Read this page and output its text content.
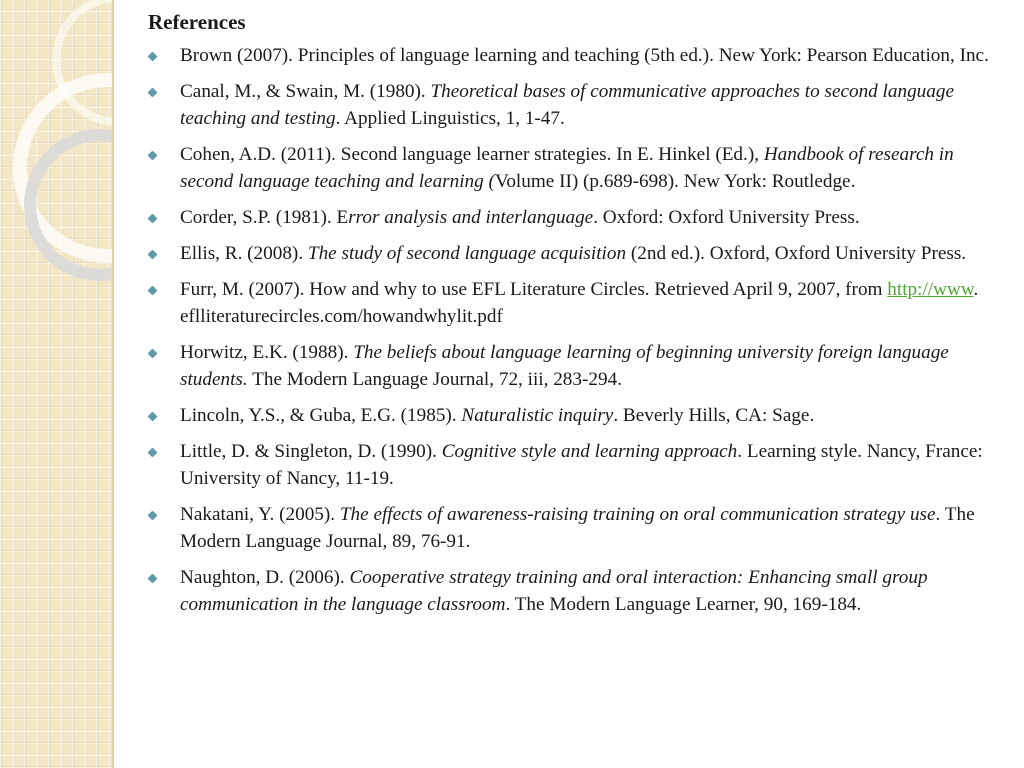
References
Brown (2007). Principles of language learning and teaching (5th ed.). New York: Pearson Education, Inc.
Canal, M., & Swain, M. (1980). Theoretical bases of communicative approaches to second language teaching and testing. Applied Linguistics, 1, 1-47.
Cohen, A.D. (2011). Second language learner strategies. In E. Hinkel (Ed.), Handbook of research in second language teaching and learning (Volume II) (p.689-698). New York: Routledge.
Corder, S.P. (1981). Error analysis and interlanguage. Oxford: Oxford University Press.
Ellis, R. (2008). The study of second language acquisition (2nd ed.). Oxford, Oxford University Press.
Furr, M. (2007). How and why to use EFL Literature Circles. Retrieved April 9, 2007, from http://www. eflliteraturecircles.com/howandwhylit.pdf
Horwitz, E.K. (1988). The beliefs about language learning of beginning university foreign language students. The Modern Language Journal, 72, iii, 283-294.
Lincoln, Y.S., & Guba, E.G. (1985). Naturalistic inquiry. Beverly Hills, CA: Sage.
Little, D. & Singleton, D. (1990). Cognitive style and learning approach. Learning style. Nancy, France: University of Nancy, 11-19.
Nakatani, Y. (2005). The effects of awareness-raising training on oral communication strategy use. The Modern Language Journal, 89, 76-91.
Naughton, D. (2006). Cooperative strategy training and oral interaction: Enhancing small group communication in the language classroom. The Modern Language Learner, 90, 169-184.
